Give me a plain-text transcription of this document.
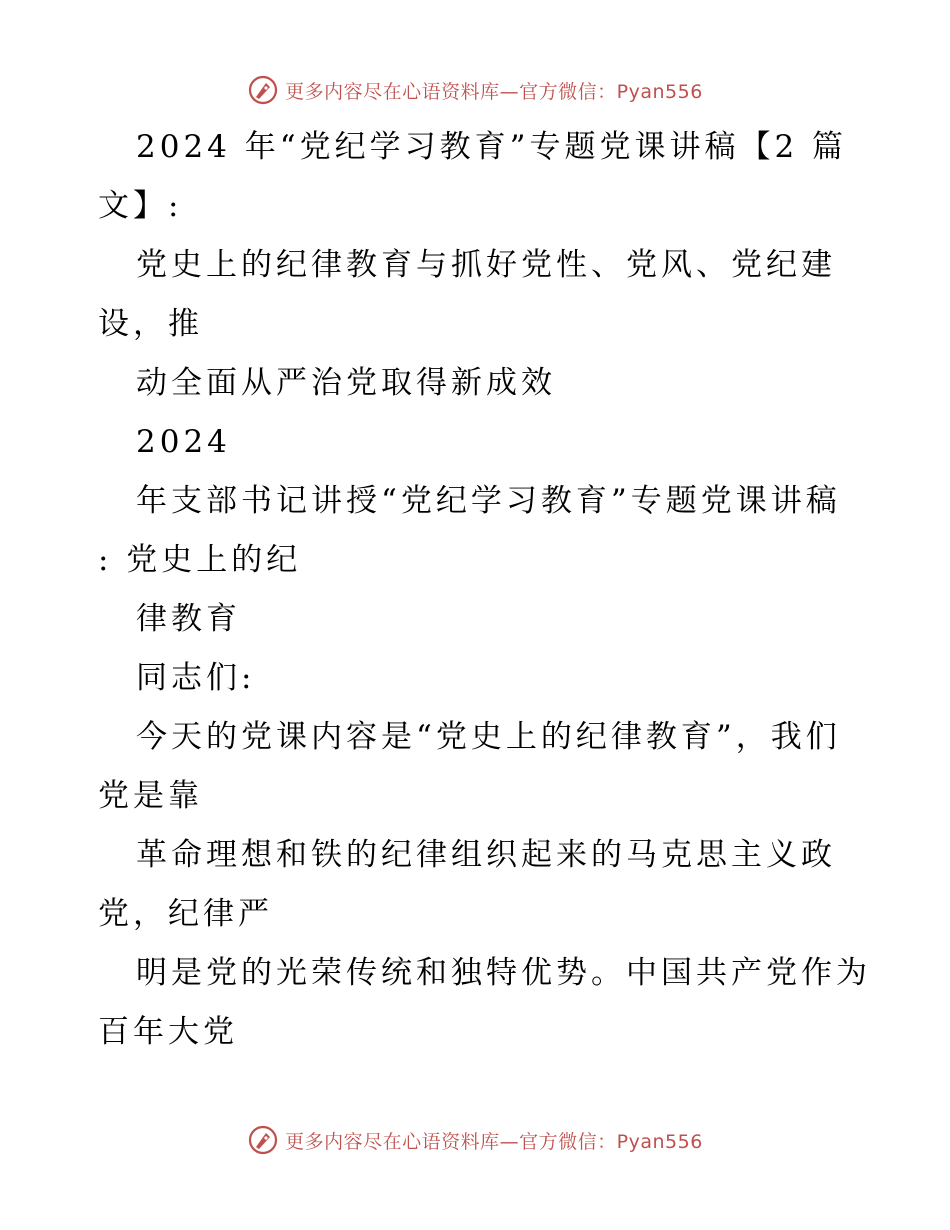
更多内容尽在心语资料库—官方微信：Pyan556
2024 年“党纪学习教育”专题党课讲稿【2 篇
文】:
党史上的纪律教育与抓好党性、党风、党纪建
设，推
动全面从严治党取得新成效
2024
年支部书记讲授“党纪学习教育”专题党课讲稿
: 党史上的纪
律教育
同志们:
今天的党课内容是“党史上的纪律教育”，我们
党是靠
革命理想和铁的纪律组织起来的马克思主义政
党，纪律严
明是党的光荣传统和独特优势。中国共产党作为
百年大党
更多内容尽在心语资料库—官方微信：Pyan556
